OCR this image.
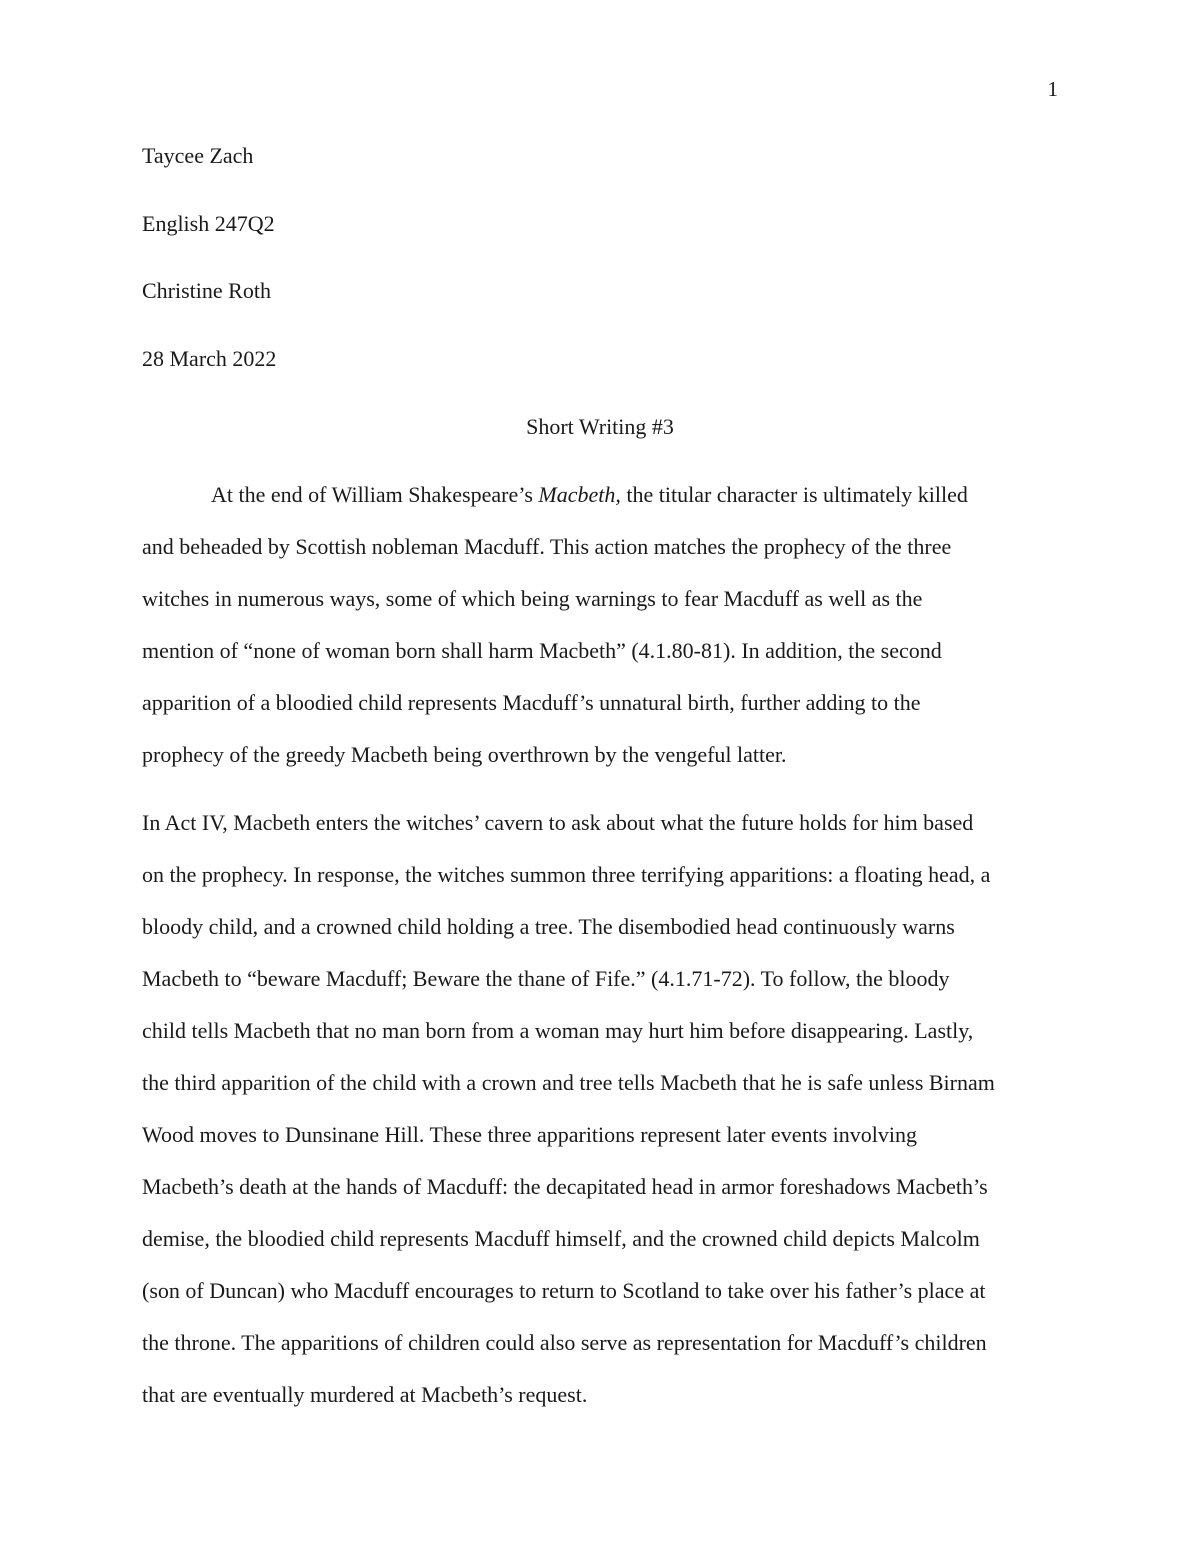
1
Taycee Zach
English 247Q2
Christine Roth
28 March 2022
Short Writing #3
At the end of William Shakespeare’s Macbeth, the titular character is ultimately killed
and beheaded by Scottish nobleman Macduff. This action matches the prophecy of the three
witches in numerous ways, some of which being warnings to fear Macduff as well as the
mention of “none of woman born shall harm Macbeth” (4.1.80-81). In addition, the second
apparition of a bloodied child represents Macduff’s unnatural birth, further adding to the
prophecy of the greedy Macbeth being overthrown by the vengeful latter.
In Act IV, Macbeth enters the witches’ cavern to ask about what the future holds for him based
on the prophecy. In response, the witches summon three terrifying apparitions: a floating head, a
bloody child, and a crowned child holding a tree. The disembodied head continuously warns
Macbeth to “beware Macduff; Beware the thane of Fife.” (4.1.71-72). To follow, the bloody
child tells Macbeth that no man born from a woman may hurt him before disappearing. Lastly,
the third apparition of the child with a crown and tree tells Macbeth that he is safe unless Birnam
Wood moves to Dunsinane Hill. These three apparitions represent later events involving
Macbeth’s death at the hands of Macduff: the decapitated head in armor foreshadows Macbeth’s
demise, the bloodied child represents Macduff himself, and the crowned child depicts Malcolm
(son of Duncan) who Macduff encourages to return to Scotland to take over his father’s place at
the throne. The apparitions of children could also serve as representation for Macduff’s children
that are eventually murdered at Macbeth’s request.
